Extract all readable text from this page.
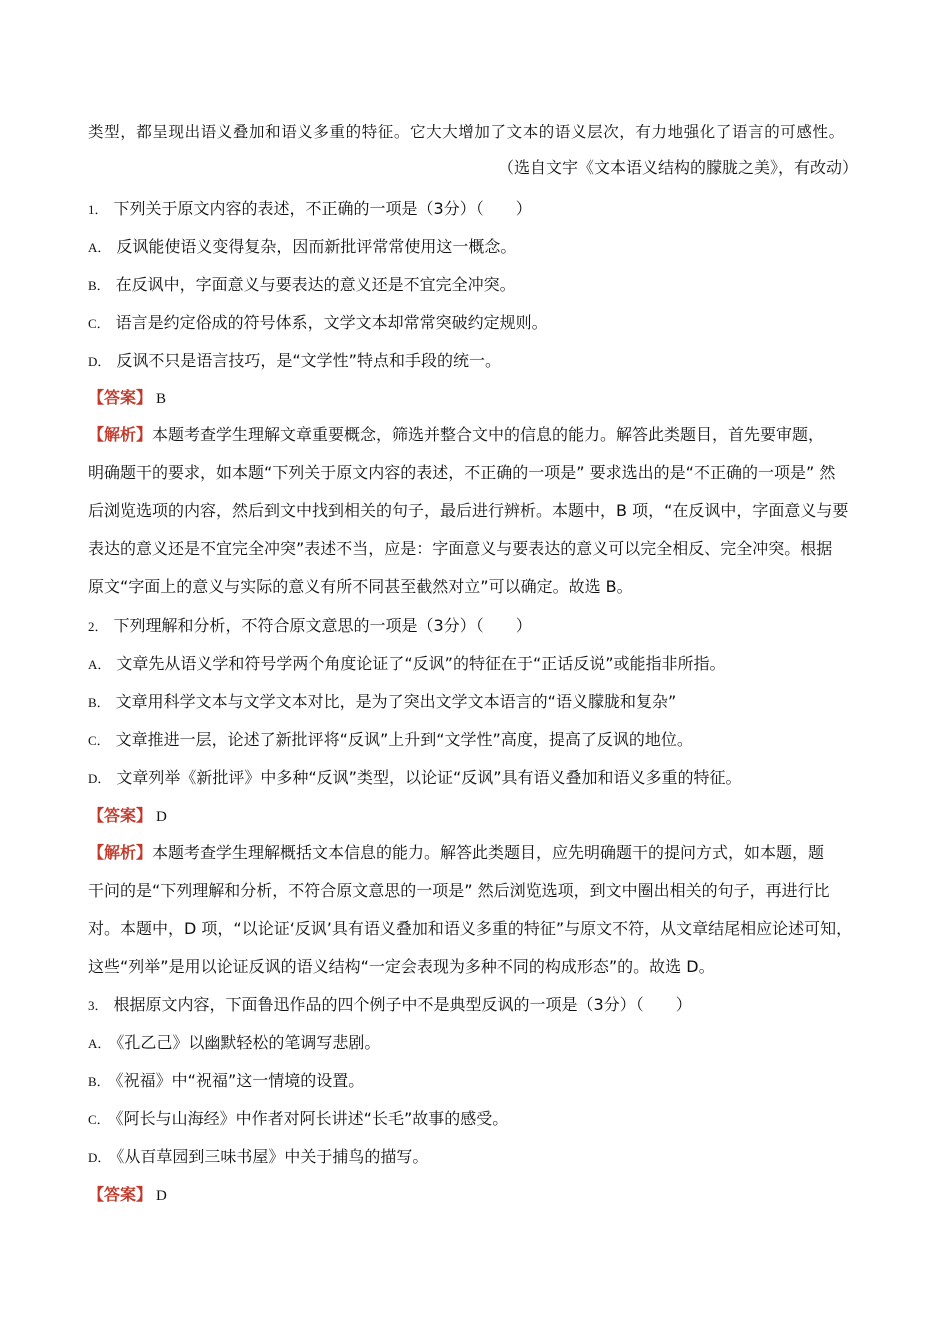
类型，都呈现出语义叠加和语义多重的特征。它大大增加了文本的语义层次，有力地强化了语言的可感性。
（选自文宇《文本语义结构的朦胧之美》，有改动）
1． 下列关于原文内容的表述，不正确的一项是（3分）（　　）
A． 反讽能使语义变得复杂，因而新批评常常使用这一概念。
B． 在反讽中，字面意义与要表达的意义还是不宜完全冲突。
C． 语言是约定俗成的符号体系，文学文本却常常突破约定规则。
D． 反讽不只是语言技巧，是“文学性”特点和手段的统一。
【答案】 B
【解析】本题考查学生理解文章重要概念，筛选并整合文中的信息的能力。解答此类题目，首先要审题，
明确题干的要求，如本题“下列关于原文内容的表述，不正确的一项是” 要求选出的是“不正确的一项是” 然
后浏览选项的内容，然后到文中找到相关的句子，最后进行辨析。本题中，B 项，“在反讽中，字面意义与要
表达的意义还是不宜完全冲突”表述不当，应是：字面意义与要表达的意义可以完全相反、完全冲突。根据
原文“字面上的意义与实际的意义有所不同甚至截然对立”可以确定。故选 B。
2． 下列理解和分析，不符合原文意思的一项是（3分）（　　）
A． 文章先从语义学和符号学两个角度论证了“反讽”的特征在于“正话反说”或能指非所指。
B． 文章用科学文本与文学文本对比，是为了突出文学文本语言的“语义朦胧和复杂”
C． 文章推进一层，论述了新批评将“反讽”上升到“文学性”高度，提高了反讽的地位。
D． 文章列举《新批评》中多种“反讽”类型，以论证“反讽”具有语义叠加和语义多重的特征。
【答案】 D
【解析】本题考查学生理解概括文本信息的能力。解答此类题目，应先明确题干的提问方式，如本题，题
干问的是“下列理解和分析，不符合原文意思的一项是” 然后浏览选项，到文中圈出相关的句子，再进行比
对。本题中，D 项，“以论证‘反讽’具有语义叠加和语义多重的特征”与原文不符，从文章结尾相应论述可知，
这些“列举”是用以论证反讽的语义结构“一定会表现为多种不同的构成形态”的。故选 D。
3． 根据原文内容，下面鲁迅作品的四个例子中不是典型反讽的一项是（3分）（　　）
A． 《孔乙己》以幽默轻松的笔调写悲剧。
B． 《祝福》中“祝福”这一情境的设置。
C． 《阿长与山海经》中作者对阿长讲述“长毛”故事的感受。
D． 《从百草园到三味书屋》中关于捕鸟的描写。
【答案】 D
